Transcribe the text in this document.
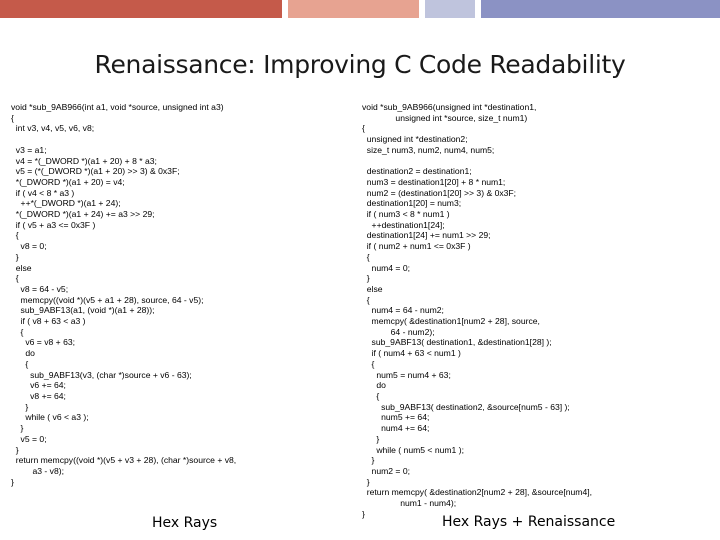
Renaissance: Improving C Code Readability
void *sub_9AB966(int a1, void *source, unsigned int a3)
{
int v3, v4, v5, v6, v8;

v3 = a1;
v4 = *(_DWORD *)(a1 + 20) + 8 * a3;
v5 = (*(_DWORD *)(a1 + 20) >> 3) & 0x3F;
*(_DWORD *)(a1 + 20) = v4;
if ( v4 < 8 * a3 )
++*(_DWORD *)(a1 + 24);
*(_DWORD *)(a1 + 24) += a3 >> 29;
if ( v5 + a3 <= 0x3F )
{
v8 = 0;
}
else
{
v8 = 64 - v5;
memcpy((void *)(v5 + a1 + 28), source, 64 - v5);
sub_9ABF13(a1, (void *)(a1 + 28));
if ( v8 + 63 < a3 )
{
v6 = v8 + 63;
do
{
sub_9ABF13(v3, (char *)source + v6 - 63);
v6 += 64;
v8 += 64;
}
while ( v6 < a3 );
}
v5 = 0;
}
return memcpy((void *)(v5 + v3 + 28), (char *)source + v8,
a3 - v8);
}

void *sub_9AB966(unsigned int *destination1,
unsigned int *source, size_t num1)
{
unsigned int *destination2;
size_t num3, num2, num4, num5;

destination2 = destination1;
num3 = destination1[20] + 8 * num1;
num2 = (destination1[20] >> 3) & 0x3F;
destination1[20] = num3;
if ( num3 < 8 * num1 )
++destination1[24];
destination1[24] += num1 >> 29;
if ( num2 + num1 <= 0x3F )
{
num4 = 0;
}
else
{
num4 = 64 - num2;
memcpy( &destination1[num2 + 28], source,
64 - num2);
sub_9ABF13( destination1, &destination1[28] );
if ( num4 + 63 < num1 )
{
num5 = num4 + 63;
do
{
sub_9ABF13( destination2, &source[num5 - 63] );
num5 += 64;
num4 += 64;
}
while ( num5 < num1 );
}
num2 = 0;
}
return memcpy( &destination2[num2 + 28], &source[num4],
num1 - num4);
}

Hex Rays	Hex Rays + Renaissance
